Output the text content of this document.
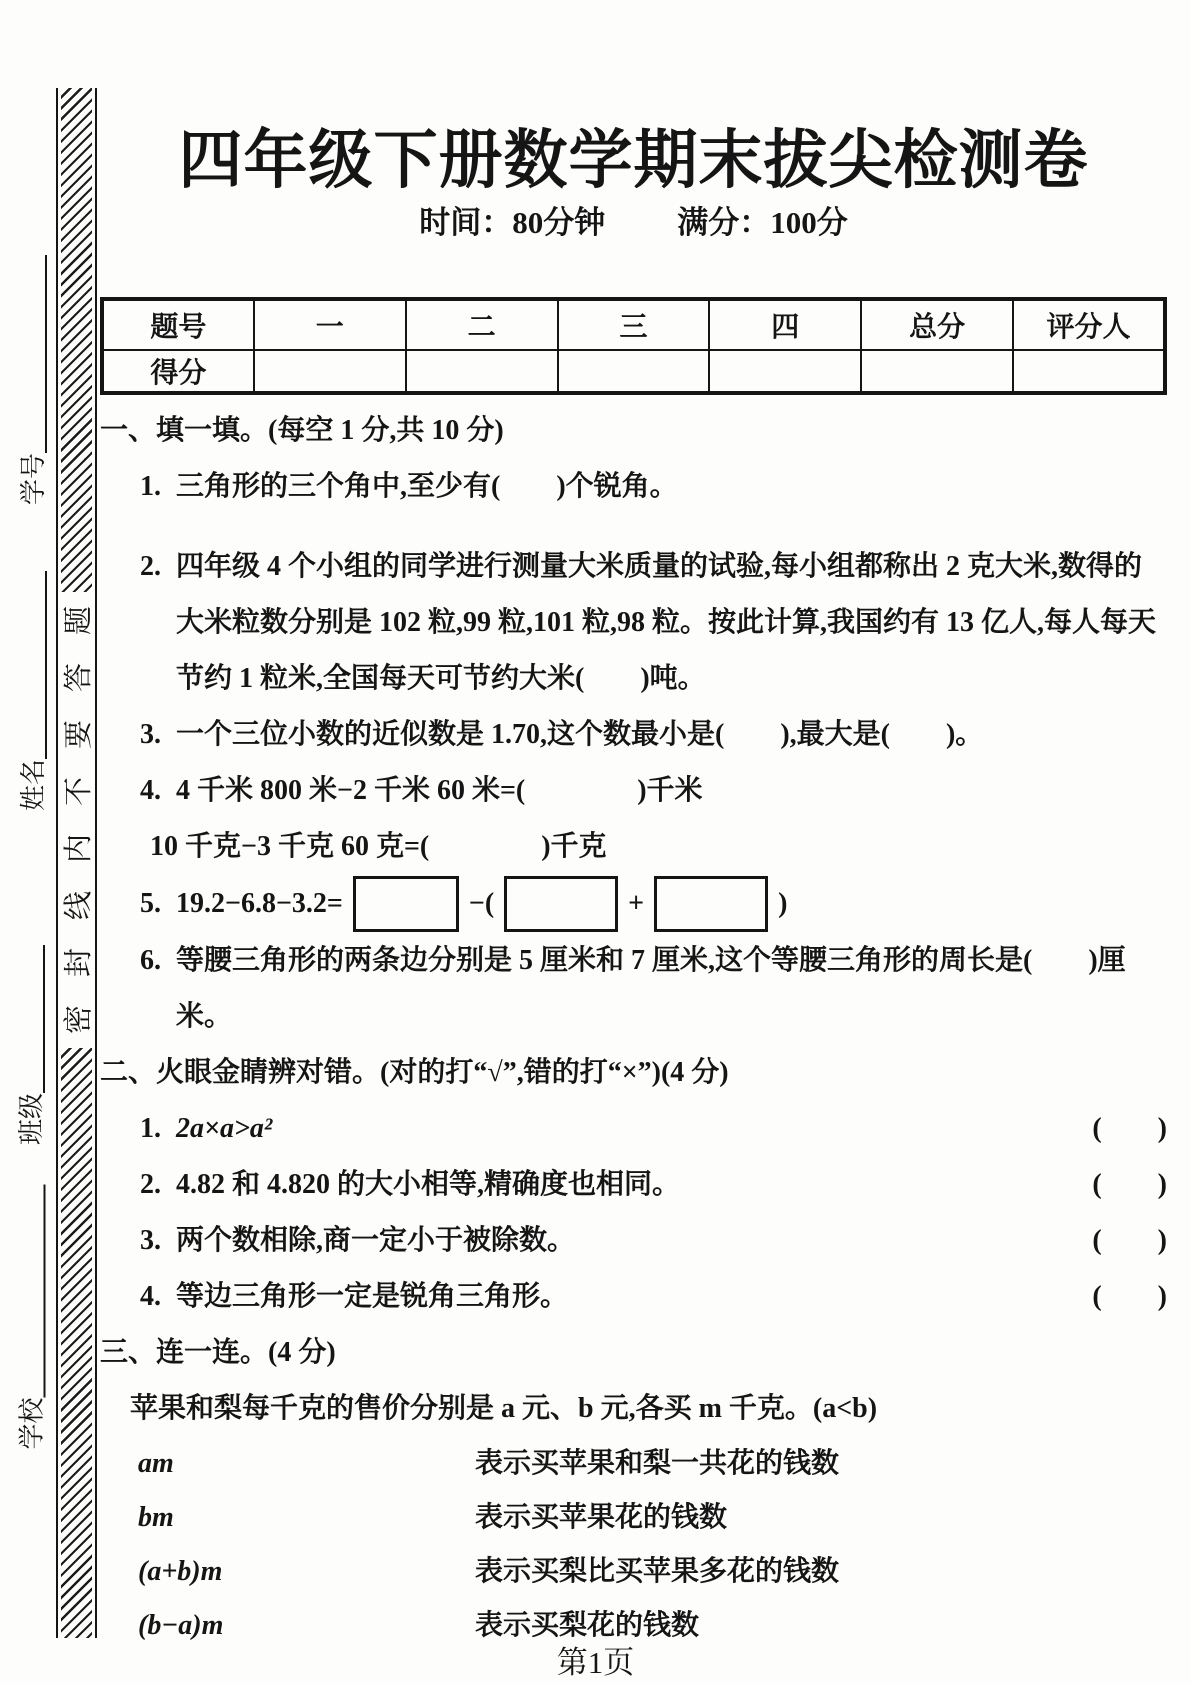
学号
姓名
班级
学校
题
答
要
不
内
线
封
密
四年级下册数学期末拔尖检测卷
时间：80分钟 满分：100分
题号	一	二	三	四	总分	评分人
得分						
一、填一填。(每空 1 分,共 10 分)
1. 三角形的三个角中,至少有(　　)个锐角。
2. 四年级 4 个小组的同学进行测量大米质量的试验,每小组都称出 2 克大米,数得的大米粒数分别是 102 粒,99 粒,101 粒,98 粒。按此计算,我国约有 13 亿人,每人每天节约 1 粒米,全国每天可节约大米(　　)吨。
3. 一个三位小数的近似数是 1.70,这个数最小是(　　),最大是(　　)。
4. 4 千米 800 米−2 千米 60 米=(　　　　)千米
10 千克−3 千克 60 克=(　　　　)千克
5. 19.2−6.8−3.2=	−(	+	)
6. 等腰三角形的两条边分别是 5 厘米和 7 厘米,这个等腰三角形的周长是(　　)厘米。
二、火眼金睛辨对错。(对的打“√”,错的打“×”)(4 分)
1. 2a×a>a²	(　　)
2. 4.82 和 4.820 的大小相等,精确度也相同。	(　　)
3. 两个数相除,商一定小于被除数。	(　　)
4. 等边三角形一定是锐角三角形。	(　　)
三、连一连。(4 分)
苹果和梨每千克的售价分别是 a 元、b 元,各买 m 千克。(a<b)
am	表示买苹果和梨一共花的钱数
bm	表示买苹果花的钱数
(a+b)m	表示买梨比买苹果多花的钱数
(b−a)m	表示买梨花的钱数
第1页
